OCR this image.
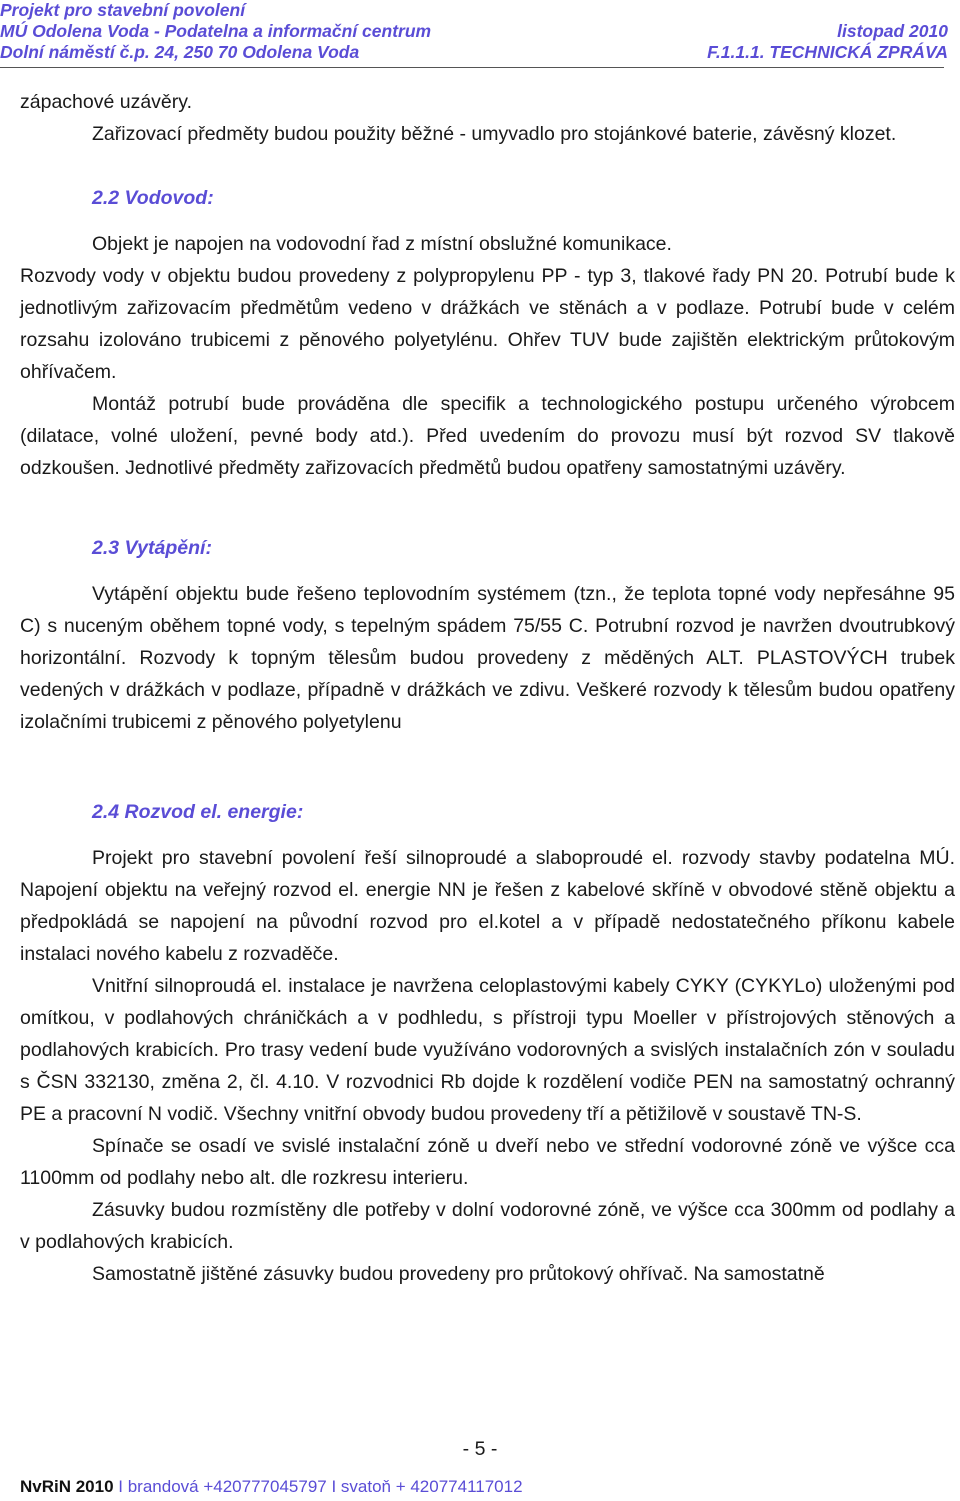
Projekt pro stavební povolení
MÚ Odolena Voda - Podatelna a informační centrum
Dolní náměstí č.p. 24, 250 70 Odolena Voda
listopad 2010
F.1.1.1. TECHNICKÁ ZPRÁVA

zápachové uzávěry.

Zařizovací předměty budou použity běžné - umyvadlo pro stojánkové baterie, závěsný klozet.

2.2 Vodovod:

Objekt je napojen na vodovodní řad z místní obslužné komunikace.

Rozvody vody v objektu budou provedeny z polypropylenu PP - typ 3, tlakové řady PN 20. Potrubí bude k jednotlivým zařizovacím předmětům vedeno v drážkách ve stěnách a v podlaze. Potrubí bude v celém rozsahu izolováno trubicemi z pěnového polyetylénu. Ohřev TUV bude zajištěn elektrickým průtokovým ohřívačem.

Montáž potrubí bude prováděna dle specifik a technologického postupu určeného výrobcem (dilatace, volné uložení, pevné body atd.). Před uvedením do provozu musí být rozvod SV tlakově odzkoušen. Jednotlivé předměty zařizovacích předmětů budou opatřeny samostatnými uzávěry.

2.3 Vytápění:

Vytápění objektu bude řešeno teplovodním systémem (tzn., že teplota topné vody nepřesáhne 95 C) s nuceným oběhem topné vody, s tepelným spádem 75/55 C. Potrubní rozvod je navržen dvoutrubkový horizontální. Rozvody k topným tělesům budou provedeny z měděných ALT. PLASTOVÝCH trubek vedených v drážkách v podlaze, případně v drážkách ve zdivu. Veškeré rozvody k tělesům budou opatřeny izolačními trubicemi z pěnového polyetylenu

2.4 Rozvod el. energie:

Projekt pro stavební povolení řeší silnoproudé a slaboproudé el. rozvody stavby podatelna MÚ. Napojení objektu na veřejný rozvod el. energie NN je řešen z kabelové skříně v obvodové stěně objektu a předpokládá se napojení na původní rozvod pro el.kotel a v případě nedostatečného příkonu kabele instalaci nového kabelu z rozvaděče.

Vnitřní silnoproudá el. instalace je navržena celoplastovými kabely CYKY (CYKYLo) uloženými pod omítkou, v podlahových chráničkách a v podhledu, s přístroji typu Moeller v přístrojových stěnových a podlahových krabicích. Pro trasy vedení bude využíváno vodorovných a svislých instalačních zón v souladu s ČSN 332130, změna 2, čl. 4.10. V rozvodnici Rb dojde k rozdělení vodiče PEN na samostatný ochranný PE a pracovní N vodič. Všechny vnitřní obvody budou provedeny tří a pětižilově v soustavě TN-S.

Spínače se osadí ve svislé instalační zóně u dveří nebo ve střední vodorovné zóně ve výšce cca 1100mm od podlahy nebo alt. dle rozkresu interieru.

Zásuvky budou rozmístěny dle potřeby v dolní vodorovné zóně, ve výšce cca 300mm od podlahy a v podlahových krabicích.

Samostatně jištěné zásuvky budou provedeny pro průtokový ohřívač. Na samostatně

- 5 -
NvRiN 2010 I brandová +420777045797 I svatoň + 420774117012
